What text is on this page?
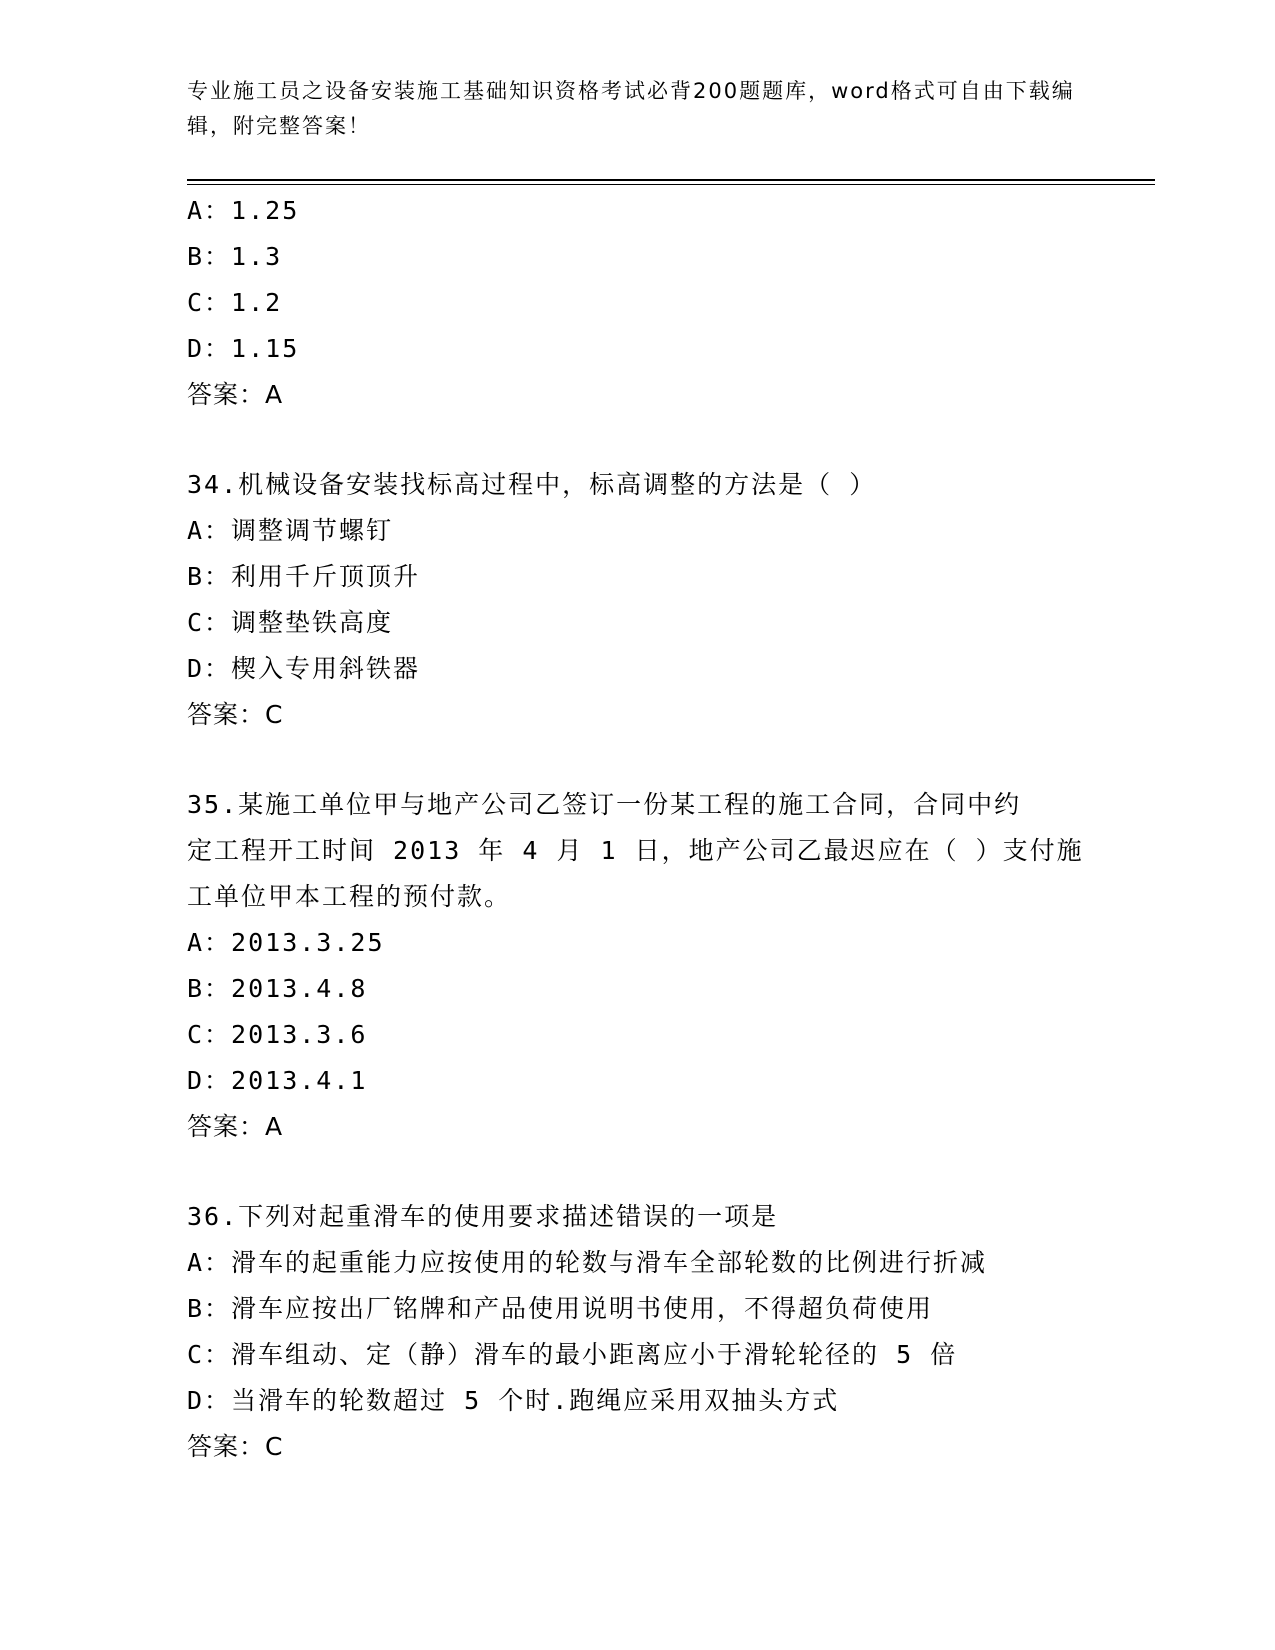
专业施工员之设备安装施工基础知识资格考试必背200题题库，word格式可自由下载编辑，附完整答案！
A：1.25
B：1.3
C：1.2
D：1.15
答案：A
34.机械设备安装找标高过程中，标高调整的方法是（ ）
A：调整调节螺钉
B：利用千斤顶顶升
C：调整垫铁高度
D：楔入专用斜铁器
答案：C
35.某施工单位甲与地产公司乙签订一份某工程的施工合同，合同中约
定工程开工时间 2013 年 4 月 1 日，地产公司乙最迟应在（ ）支付施
工单位甲本工程的预付款。
A：2013.3.25
B：2013.4.8
C：2013.3.6
D：2013.4.1
答案：A
36.下列对起重滑车的使用要求描述错误的一项是
A：滑车的起重能力应按使用的轮数与滑车全部轮数的比例进行折减
B：滑车应按出厂铭牌和产品使用说明书使用，不得超负荷使用
C：滑车组动、定（静）滑车的最小距离应小于滑轮轮径的 5 倍
D：当滑车的轮数超过 5 个时.跑绳应采用双抽头方式
答案：C
